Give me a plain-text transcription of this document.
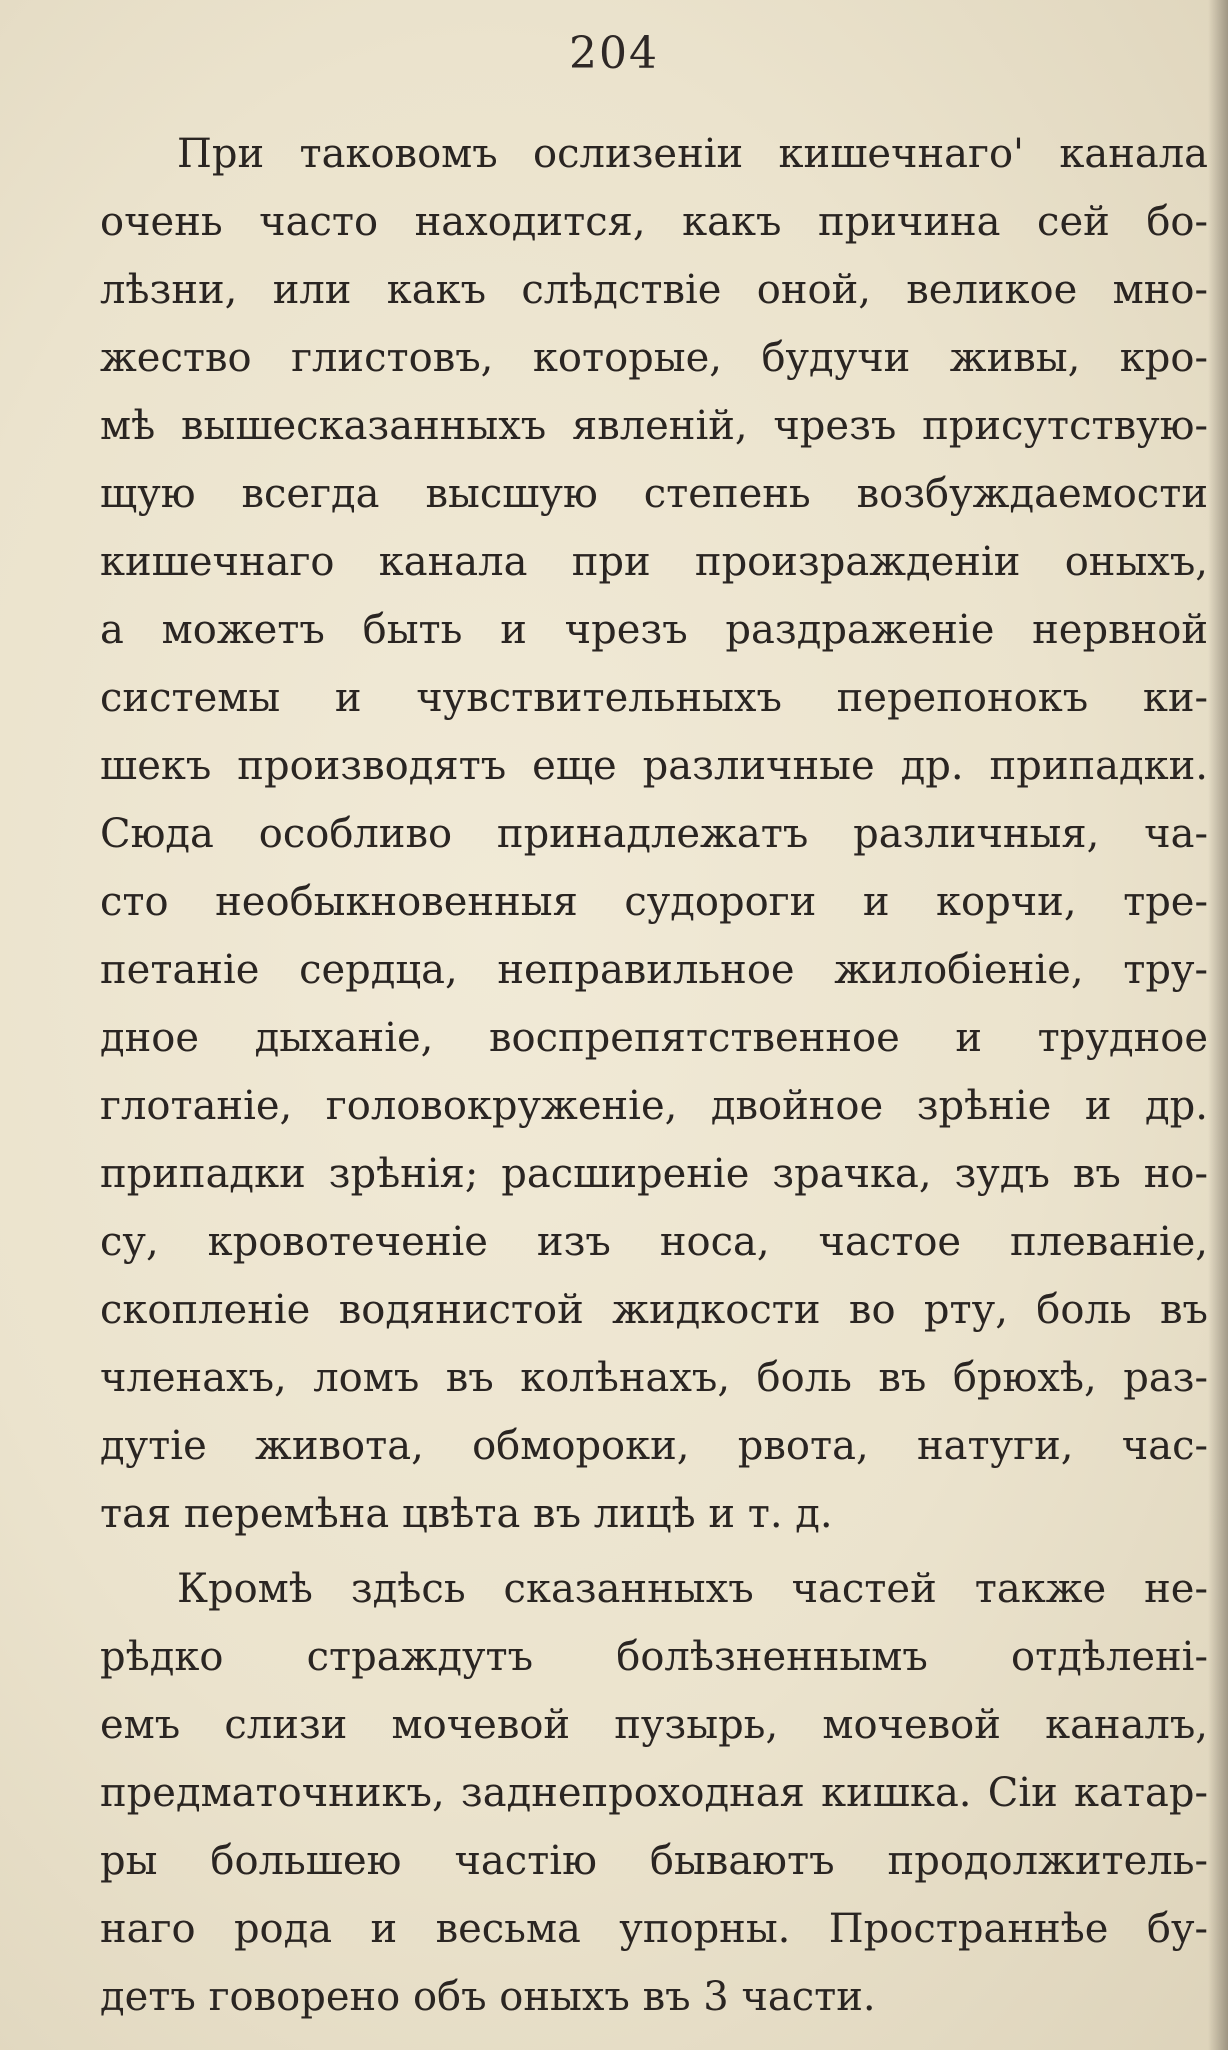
204
При таковомъ ослизенiи кишечнаго' канала
очень часто находится, какъ причина сей бо-
лѣзни, или какъ слѣдствiе оной, великое мно-
жество глистовъ, которые, будучи живы, кро-
мѣ вышесказанныхъ явленiй, чрезъ присутствую-
щую всегда высшую степень возбуждаемости
кишечнаго канала при произражденiи оныхъ,
а можетъ быть и чрезъ раздраженiе нервной
системы и чувствительныхъ перепонокъ ки-
шекъ производятъ еще различные др. припадки.
Сюда особливо принадлежатъ различныя, ча-
сто необыкновенныя судороги и корчи, тре-
петанiе сердца, неправильное жилобiенiе, тру-
дное дыханiе, воспрепятственное и трудное
глотанiе, головокруженiе, двойное зрѣнiе и др.
припадки зрѣнiя; расширенiе зрачка, зудъ въ но-
су, кровотеченiе изъ носа, частое плеванiе,
скопленiе водянистой жидкости во рту, боль въ
членахъ, ломъ въ колѣнахъ, боль въ брюхѣ, раз-
дутiе живота, обмороки, рвота, натуги, час-
тая перемѣна цвѣта въ лицѣ и т. д.
Кромѣ здѣсь сказанныхъ частей также не-
рѣдко страждутъ болѣзненнымъ отдѣленi-
емъ слизи мочевой пузырь, мочевой каналъ,
предматочникъ, заднепроходная кишка. Сiи катар-
ры большею частiю бываютъ продолжитель-
наго рода и весьма упорны. Пространнѣе бу-
детъ говорено объ оныхъ въ 3 части.
